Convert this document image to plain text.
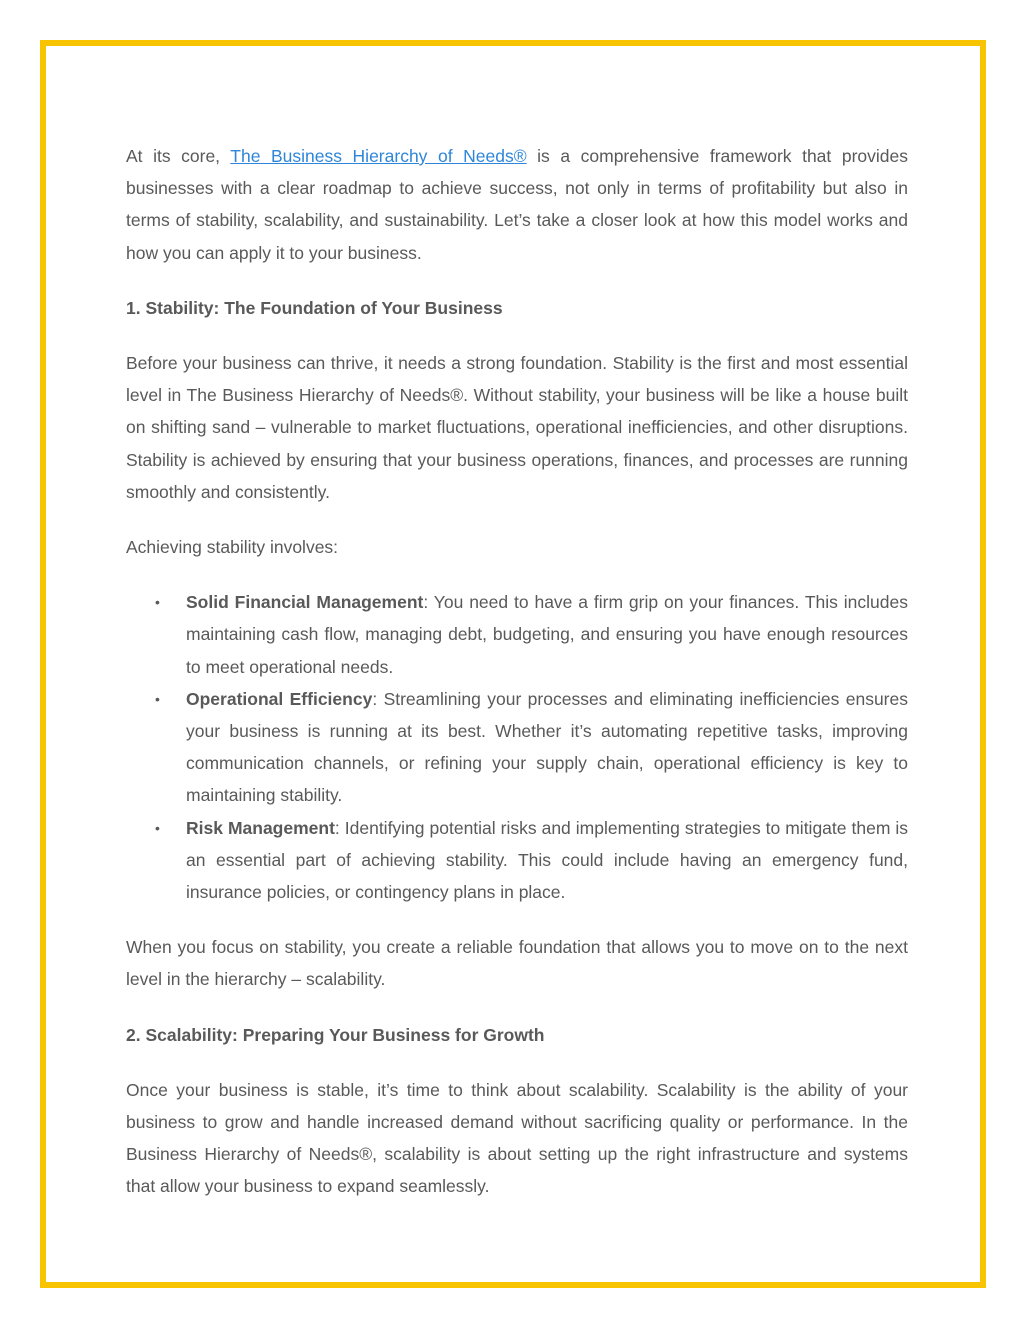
At its core, The Business Hierarchy of Needs® is a comprehensive framework that provides businesses with a clear roadmap to achieve success, not only in terms of profitability but also in terms of stability, scalability, and sustainability. Let’s take a closer look at how this model works and how you can apply it to your business.

1. Stability: The Foundation of Your Business

Before your business can thrive, it needs a strong foundation. Stability is the first and most essential level in The Business Hierarchy of Needs®. Without stability, your business will be like a house built on shifting sand – vulnerable to market fluctuations, operational inefficiencies, and other disruptions. Stability is achieved by ensuring that your business operations, finances, and processes are running smoothly and consistently.

Achieving stability involves:

• Solid Financial Management: You need to have a firm grip on your finances. This includes maintaining cash flow, managing debt, budgeting, and ensuring you have enough resources to meet operational needs.
• Operational Efficiency: Streamlining your processes and eliminating inefficiencies ensures your business is running at its best. Whether it’s automating repetitive tasks, improving communication channels, or refining your supply chain, operational efficiency is key to maintaining stability.
• Risk Management: Identifying potential risks and implementing strategies to mitigate them is an essential part of achieving stability. This could include having an emergency fund, insurance policies, or contingency plans in place.

When you focus on stability, you create a reliable foundation that allows you to move on to the next level in the hierarchy – scalability.

2. Scalability: Preparing Your Business for Growth

Once your business is stable, it’s time to think about scalability. Scalability is the ability of your business to grow and handle increased demand without sacrificing quality or performance. In the Business Hierarchy of Needs®, scalability is about setting up the right infrastructure and systems that allow your business to expand seamlessly.
